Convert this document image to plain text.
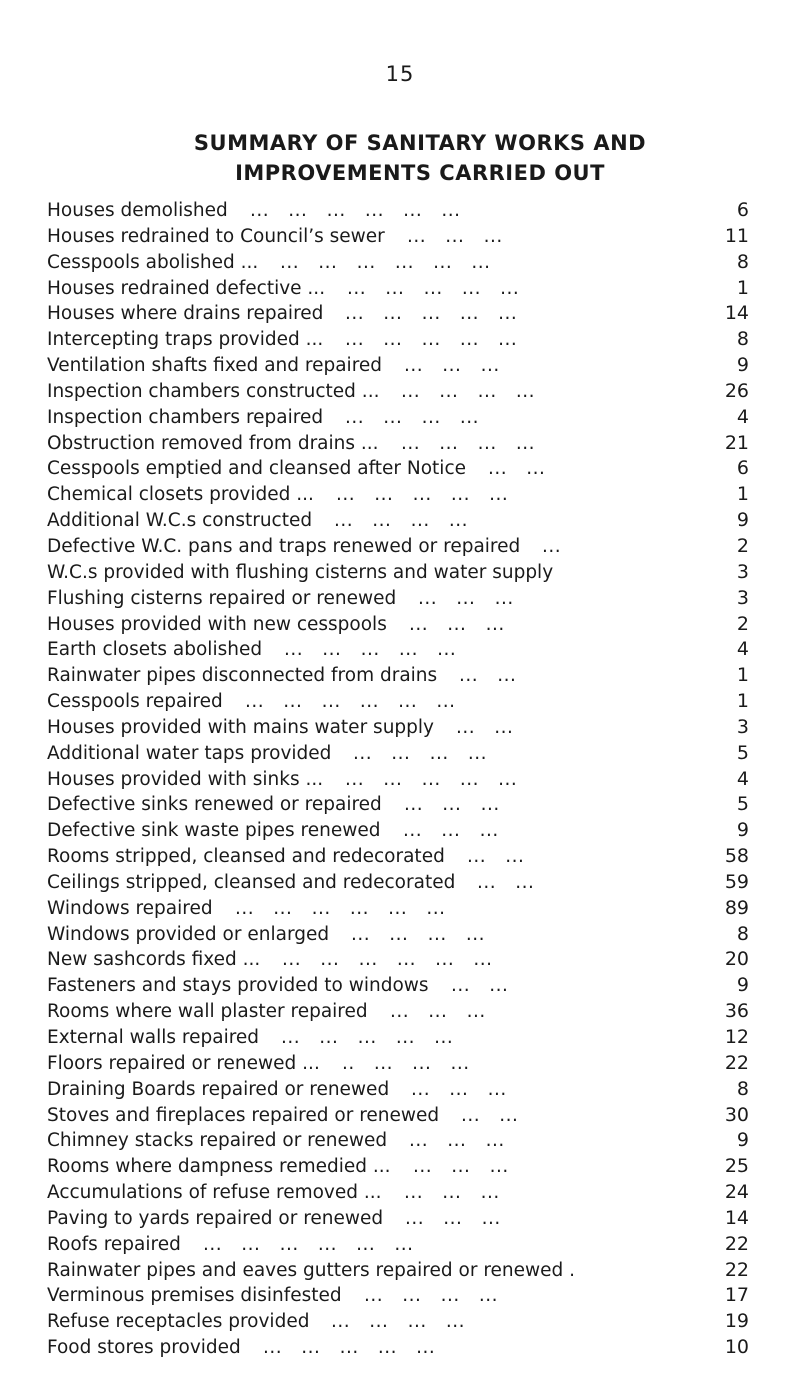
15
SUMMARY OF SANITARY WORKS AND
IMPROVEMENTS CARRIED OUT
Houses demolished ...   ...   ...   ...   ...   ...	6
Houses redrained to Council’s sewer ...   ...   ...	11
Cesspools abolished ... ...   ...   ...   ...   ...   ...	8
Houses redrained defective ... ...   ...   ...   ...   ...	1
Houses where drains repaired ...   ...   ...   ...   ...	14
Intercepting traps provided ... ...   ...   ...   ...   ...	8
Ventilation shafts fixed and repaired ...   ...   ...	9
Inspection chambers constructed ... ...   ...   ...   ...	26
Inspection chambers repaired ...   ...   ...   ...	4
Obstruction removed from drains ... ...   ...   ...   ...	21
Cesspools emptied and cleansed after Notice ...   ...	6
Chemical closets provided ... ...   ...   ...   ...   ...	1
Additional W.C.s constructed ...   ...   ...   ...	9
Defective W.C. pans and traps renewed or repaired ...	2
W.C.s provided with flushing cisterns and water supply	3
Flushing cisterns repaired or renewed ...   ...   ...	3
Houses provided with new cesspools ...   ...   ...	2
Earth closets abolished ...   ...   ...   ...   ...	4
Rainwater pipes disconnected from drains ...   ...	1
Cesspools repaired ...   ...   ...   ...   ...   ...	1
Houses provided with mains water supply ...   ...	3
Additional water taps provided ...   ...   ...   ...	5
Houses provided with sinks ... ...   ...   ...   ...   ...	4
Defective sinks renewed or repaired ...   ...   ...	5
Defective sink waste pipes renewed ...   ...   ...	9
Rooms stripped, cleansed and redecorated ...   ...	58
Ceilings stripped, cleansed and redecorated ...   ...	59
Windows repaired ...   ...   ...   ...   ...   ...	89
Windows provided or enlarged ...   ...   ...   ...	8
New sashcords fixed ... ...   ...   ...   ...   ...   ...	20
Fasteners and stays provided to windows ...   ...	9
Rooms where wall plaster repaired ...   ...   ...	36
External walls repaired ...   ...   ...   ...   ...	12
Floors repaired or renewed ... ..   ...   ...   ...	22
Draining Boards repaired or renewed ...   ...   ...	8
Stoves and fireplaces repaired or renewed ...   ...	30
Chimney stacks repaired or renewed ...   ...   ...	9
Rooms where dampness remedied ... ...   ...   ...	25
Accumulations of refuse removed ... ...   ...   ...	24
Paving to yards repaired or renewed ...   ...   ...	14
Roofs repaired ...   ...   ...   ...   ...   ...	22
Rainwater pipes and eaves gutters repaired or renewed .	22
Verminous premises disinfested ...   ...   ...   ...	17
Refuse receptacles provided ...   ...   ...   ...	19
Food stores provided ...   ...   ...   ...   ...	10
